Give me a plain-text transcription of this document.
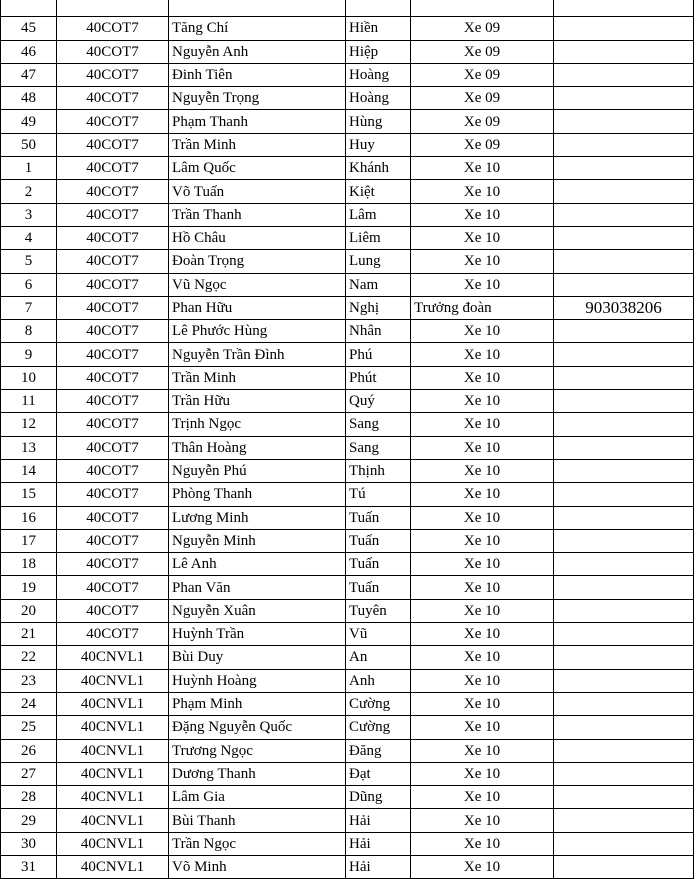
45	40COT7	Tăng Chí	Hiền	Xe 09	
46	40COT7	Nguyễn Anh	Hiệp	Xe 09	
47	40COT7	Đinh Tiên	Hoàng	Xe 09	
48	40COT7	Nguyễn Trọng	Hoàng	Xe 09	
49	40COT7	Phạm Thanh	Hùng	Xe 09	
50	40COT7	Trần Minh	Huy	Xe 09	
1	40COT7	Lâm Quốc	Khánh	Xe 10	
2	40COT7	Võ Tuấn	Kiệt	Xe 10	
3	40COT7	Trần Thanh	Lâm	Xe 10	
4	40COT7	Hồ Châu	Liêm	Xe 10	
5	40COT7	Đoàn Trọng	Lung	Xe 10	
6	40COT7	Vũ Ngọc	Nam	Xe 10	
7	40COT7	Phan Hữu	Nghị	Trưởng đoàn	903038206
8	40COT7	Lê Phước Hùng	Nhân	Xe 10	
9	40COT7	Nguyễn Trần Đình	Phú	Xe 10	
10	40COT7	Trần Minh	Phút	Xe 10	
11	40COT7	Trần Hữu	Quý	Xe 10	
12	40COT7	Trịnh Ngọc	Sang	Xe 10	
13	40COT7	Thân Hoàng	Sang	Xe 10	
14	40COT7	Nguyễn Phú	Thịnh	Xe 10	
15	40COT7	Phòng Thanh	Tú	Xe 10	
16	40COT7	Lương Minh	Tuấn	Xe 10	
17	40COT7	Nguyễn Minh	Tuấn	Xe 10	
18	40COT7	Lê Anh	Tuấn	Xe 10	
19	40COT7	Phan Văn	Tuấn	Xe 10	
20	40COT7	Nguyễn Xuân	Tuyên	Xe 10	
21	40COT7	Huỳnh Trần	Vũ	Xe 10	
22	40CNVL1	Bùi Duy	An	Xe 10	
23	40CNVL1	Huỳnh Hoàng	Anh	Xe 10	
24	40CNVL1	Phạm Minh	Cường	Xe 10	
25	40CNVL1	Đặng Nguyễn Quốc	Cường	Xe 10	
26	40CNVL1	Trương Ngọc	Đăng	Xe 10	
27	40CNVL1	Dương Thanh	Đạt	Xe 10	
28	40CNVL1	Lâm Gia	Dũng	Xe 10	
29	40CNVL1	Bùi Thanh	Hải	Xe 10	
30	40CNVL1	Trần Ngọc	Hải	Xe 10	
31	40CNVL1	Võ Minh	Hải	Xe 10	
